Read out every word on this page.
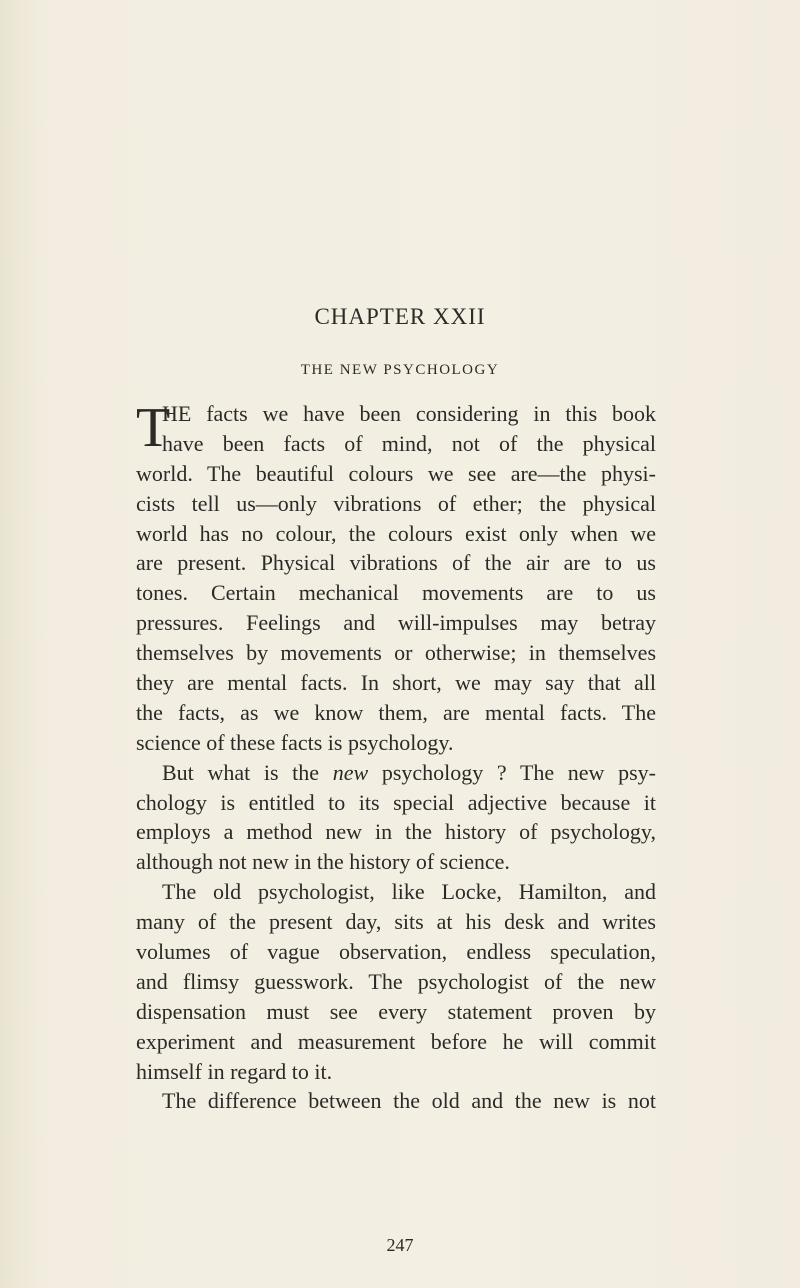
CHAPTER XXII
THE NEW PSYCHOLOGY
T
HE facts we have been considering in this book
have been facts of mind, not of the physical
world. The beautiful colours we see are—the physi-
cists tell us—only vibrations of ether; the physical
world has no colour, the colours exist only when we
are present. Physical vibrations of the air are to us
tones. Certain mechanical movements are to us
pressures. Feelings and will-impulses may betray
themselves by movements or otherwise; in themselves
they are mental facts. In short, we may say that all
the facts, as we know them, are mental facts. The
science of these facts is psychology.
But what is the new psychology ? The new psy-
chology is entitled to its special adjective because it
employs a method new in the history of psychology,
although not new in the history of science.
The old psychologist, like Locke, Hamilton, and
many of the present day, sits at his desk and writes
volumes of vague observation, endless speculation,
and flimsy guesswork. The psychologist of the new
dispensation must see every statement proven by
experiment and measurement before he will commit
himself in regard to it.
The difference between the old and the new is not
247
